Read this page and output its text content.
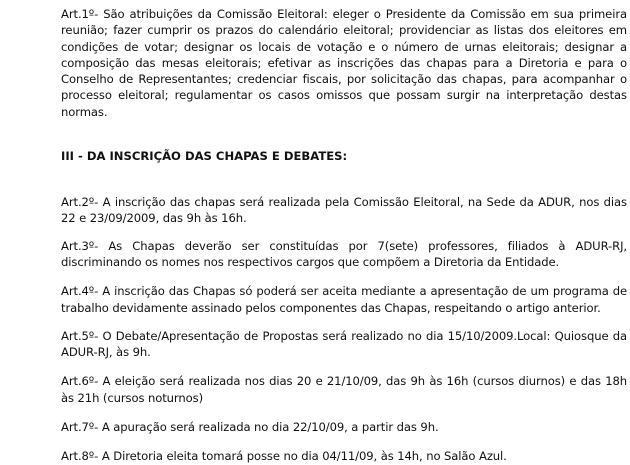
Art.1º- São atribuições da Comissão Eleitoral: eleger o Presidente da Comissão em sua primeira reunião; fazer cumprir os prazos do calendário eleitoral; providenciar as listas dos eleitores em condições de votar; designar os locais de votação e o número de urnas eleitorais; designar a composição das mesas eleitorais; efetivar as inscrições das chapas para a Diretoria e para o Conselho de Representantes; credenciar fiscais, por solicitação das chapas, para acompanhar o processo eleitoral; regulamentar os casos omissos que possam surgir na interpretação destas normas.

III - DA INSCRIÇÃO DAS CHAPAS E DEBATES:

Art.2º- A inscrição das chapas será realizada pela Comissão Eleitoral, na Sede da ADUR, nos dias 22 e 23/09/2009, das 9h às 16h.

Art.3º- As Chapas deverão ser constituídas por 7(sete) professores, filiados à ADUR-RJ, discriminando os nomes nos respectivos cargos que compõem a Diretoria da Entidade.

Art.4º- A inscrição das Chapas só poderá ser aceita mediante a apresentação de um programa de trabalho devidamente assinado pelos componentes das Chapas, respeitando o artigo anterior.

Art.5º- O Debate/Apresentação de Propostas será realizado no dia 15/10/2009.Local: Quiosque da ADUR-RJ, às 9h.

Art.6º- A eleição será realizada nos dias 20 e 21/10/09, das 9h às 16h (cursos diurnos) e das 18h às 21h (cursos noturnos)

Art.7º- A apuração será realizada no dia 22/10/09, a partir das 9h.

Art.8º- A Diretoria eleita tomará posse no dia 04/11/09, às 14h, no Salão Azul.
